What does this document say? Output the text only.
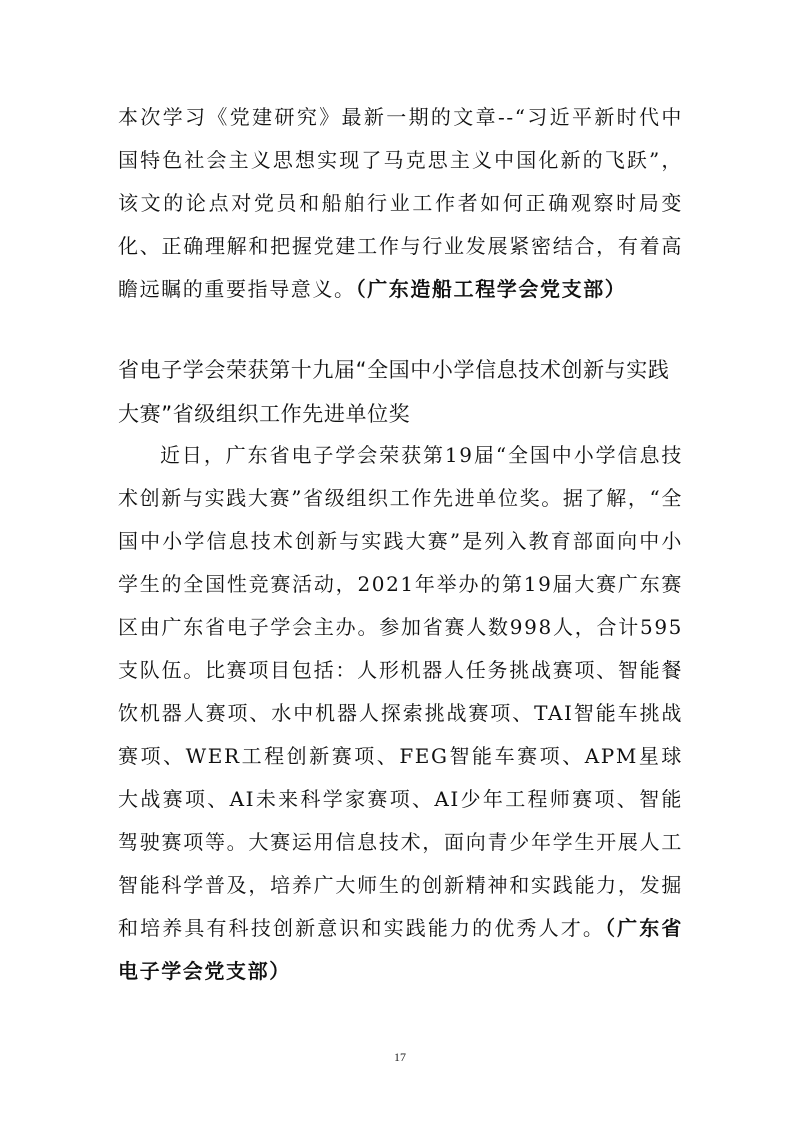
本次学习《党建研究》最新一期的文章--“习近平新时代中国特色社会主义思想实现了马克思主义中国化新的飞跃”，该文的论点对党员和船舶行业工作者如何正确观察时局变化、正确理解和把握党建工作与行业发展紧密结合，有着高瞻远瞩的重要指导意义。（广东造船工程学会党支部）

省电子学会荣获第十九届“全国中小学信息技术创新与实践大赛”省级组织工作先进单位奖

近日，广东省电子学会荣获第19届“全国中小学信息技术创新与实践大赛”省级组织工作先进单位奖。据了解，“全国中小学信息技术创新与实践大赛”是列入教育部面向中小学生的全国性竞赛活动，2021年举办的第19届大赛广东赛区由广东省电子学会主办。参加省赛人数998人，合计595支队伍。比赛项目包括：人形机器人任务挑战赛项、智能餐饮机器人赛项、水中机器人探索挑战赛项、TAI智能车挑战赛项、WER工程创新赛项、FEG智能车赛项、APM星球大战赛项、AI未来科学家赛项、AI少年工程师赛项、智能驾驶赛项等。大赛运用信息技术，面向青少年学生开展人工智能科学普及，培养广大师生的创新精神和实践能力，发掘和培养具有科技创新意识和实践能力的优秀人才。（广东省电子学会党支部）

17
